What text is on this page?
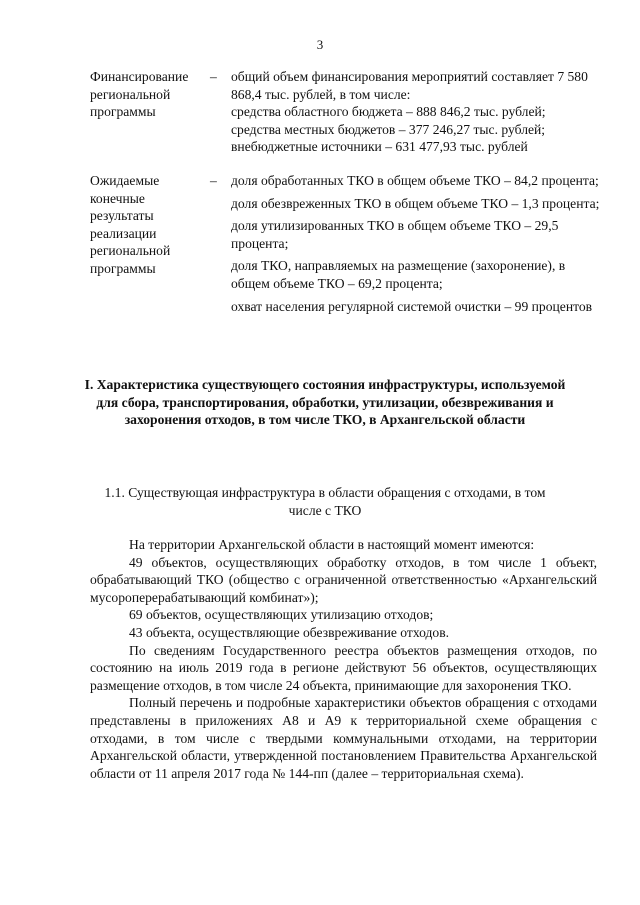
3
Финансирование
региональной
программы
– общий объем финансирования мероприятий составляет 7 580 868,4 тыс. рублей, в том числе:

средства областного бюджета – 888 846,2 тыс. рублей;

средства местных бюджетов – 377 246,27 тыс. рублей;

внебюджетные источники – 631 477,93 тыс. рублей

Ожидаемые
конечные
результаты
реализации
региональной
программы
– доля обработанных ТКО в общем объеме ТКО – 84,2 процента;

доля обезвреженных ТКО в общем объеме ТКО – 1,3 процента;

доля утилизированных ТКО в общем объеме ТКО – 29,5 процента;

доля ТКО, направляемых на размещение (захоронение), в общем объеме ТКО – 69,2 процента;

охват населения регулярной системой очистки – 99 процентов

I. Характеристика существующего состояния инфраструктуры, используемой для сбора, транспортирования, обработки, утилизации, обезвреживания и захоронения отходов, в том числе ТКО, в Архангельской области
1.1. Существующая инфраструктура в области обращения с отходами, в том числе с ТКО

На территории Архангельской области в настоящий момент имеются:

49 объектов, осуществляющих обработку отходов, в том числе 1 объект, обрабатывающий ТКО (общество с ограниченной ответственностью «Архангельский мусороперерабатывающий комбинат»);

69 объектов, осуществляющих утилизацию отходов;

43 объекта, осуществляющие обезвреживание отходов.

По сведениям Государственного реестра объектов размещения отходов, по состоянию на июль 2019 года в регионе действуют 56 объектов, осуществляющих размещение отходов, в том числе 24 объекта, принимающие для захоронения ТКО.

Полный перечень и подробные характеристики объектов обращения с отходами представлены в приложениях А8 и А9 к территориальной схеме обращения с отходами, в том числе с твердыми коммунальными отходами, на территории Архангельской области, утвержденной постановлением Правительства Архангельской области от 11 апреля 2017 года № 144-пп (далее – территориальная схема).
